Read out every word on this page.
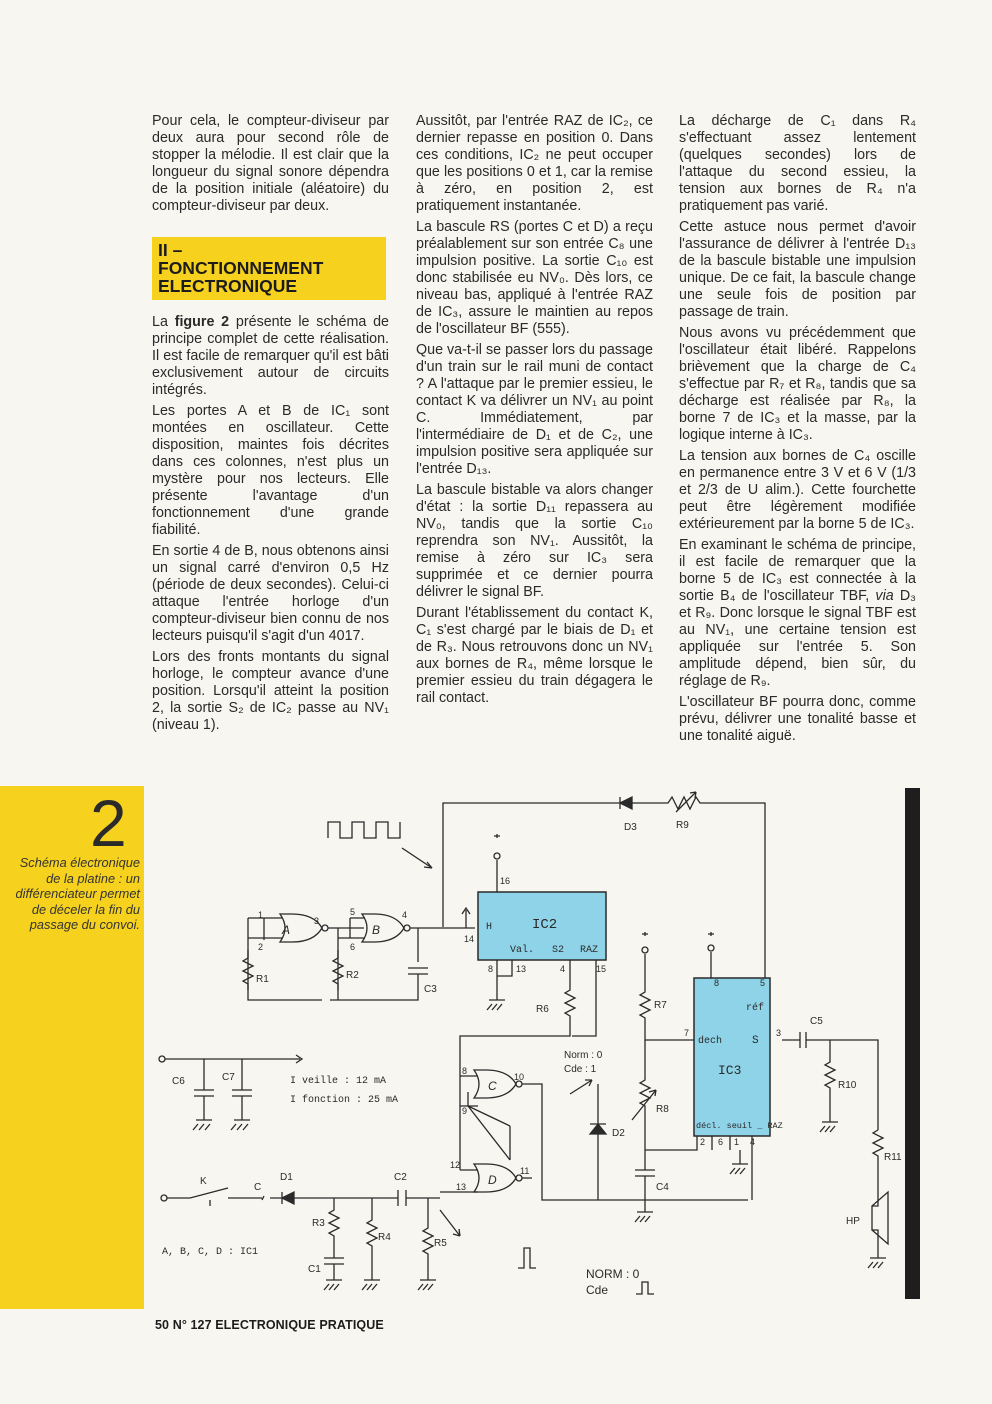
Pour cela, le compteur-diviseur par deux aura pour second rôle de stopper la mélodie. Il est clair que la longueur du signal sonore dépendra de la position initiale (aléatoire) du compteur-diviseur par deux.

II –
FONCTIONNEMENT
ELECTRONIQUE

La figure 2 présente le schéma de principe complet de cette réalisation. Il est facile de remarquer qu'il est bâti exclusivement autour de circuits intégrés.

Les portes A et B de IC₁ sont montées en oscillateur. Cette disposition, maintes fois décrites dans ces colonnes, n'est plus un mystère pour nos lecteurs. Elle présente l'avantage d'un fonctionnement d'une grande fiabilité.

En sortie 4 de B, nous obtenons ainsi un signal carré d'environ 0,5 Hz (période de deux secondes). Celui-ci attaque l'entrée horloge d'un compteur-diviseur bien connu de nos lecteurs puisqu'il s'agit d'un 4017.

Lors des fronts montants du signal horloge, le compteur avance d'une position. Lorsqu'il atteint la position 2, la sortie S₂ de IC₂ passe au NV₁ (niveau 1).

Aussitôt, par l'entrée RAZ de IC₂, ce dernier repasse en position 0. Dans ces conditions, IC₂ ne peut occuper que les positions 0 et 1, car la remise à zéro, en position 2, est pratiquement instantanée.

La bascule RS (portes C et D) a reçu préalablement sur son entrée C₈ une impulsion positive. La sortie C₁₀ est donc stabilisée eu NV₀. Dès lors, ce niveau bas, appliqué à l'entrée RAZ de IC₃, assure le maintien au repos de l'oscillateur BF (555).

Que va-t-il se passer lors du passage d'un train sur le rail muni de contact ? A l'attaque par le premier essieu, le contact K va délivrer un NV₁ au point C. Immédiatement, par l'intermédiaire de D₁ et de C₂, une impulsion positive sera appliquée sur l'entrée D₁₃.

La bascule bistable va alors changer d'état : la sortie D₁₁ repassera au NV₀, tandis que la sortie C₁₀ reprendra son NV₁. Aussitôt, la remise à zéro sur IC₃ sera supprimée et ce dernier pourra délivrer le signal BF.

Durant l'établissement du contact K, C₁ s'est chargé par le biais de D₁ et de R₃. Nous retrouvons donc un NV₁ aux bornes de R₄, même lorsque le premier essieu du train dégagera le rail contact.

La décharge de C₁ dans R₄ s'effectuant assez lentement (quelques secondes) lors de l'attaque du second essieu, la tension aux bornes de R₄ n'a pratiquement pas varié.

Cette astuce nous permet d'avoir l'assurance de délivrer à l'entrée D₁₃ de la bascule bistable une impulsion unique. De ce fait, la bascule change une seule fois de position par passage de train.

Nous avons vu précédemment que l'oscillateur était libéré. Rappelons brièvement que la charge de C₄ s'effectue par R₇ et R₈, tandis que sa décharge est réalisée par R₈, la borne 7 de IC₃ et la masse, par la logique interne à IC₃.

La tension aux bornes de C₄ oscille en permanence entre 3 V et 6 V (1/3 et 2/3 de U alim.). Cette fourchette peut être légèrement modifiée extérieurement par la borne 5 de IC₃.

En examinant le schéma de principe, il est facile de remarquer que la borne 5 de IC₃ est connectée à la sortie B₄ de l'oscillateur TBF, via D₃ et R₉. Donc lorsque le signal TBF est au NV₁, une certaine tension est appliquée sur l'entrée 5. Son amplitude dépend, bien sûr, du réglage de R₉.

L'oscillateur BF pourra donc, comme prévu, délivrer une tonalité basse et une tonalité aiguë.

2
Schéma électronique de la platine : un différenciateur permet de déceler la fin du passage du convoi.	IC2
IC3
H
Val. S2 RAZ
réf
dech	S
décl. seuil _ RAZ
A	B
C
D
R1	R2
C3
R6	R7
R8
C4
D2
D3	R9
C5
R10
R11
HP
C6	C7
K
C
D1	C2
R3
C1
R4
R5
1
2
3
5
6
4
16
14
8	13	4	15
8
9
10
12
13
11
8	5
7	3
2 6 1 4
I veille : 12 mA
I fonction : 25 mA
A, B, C, D : IC1
Norm : 0
Cde : 1
NORM : 0
Cde
50 N° 127 ELECTRONIQUE PRATIQUE
